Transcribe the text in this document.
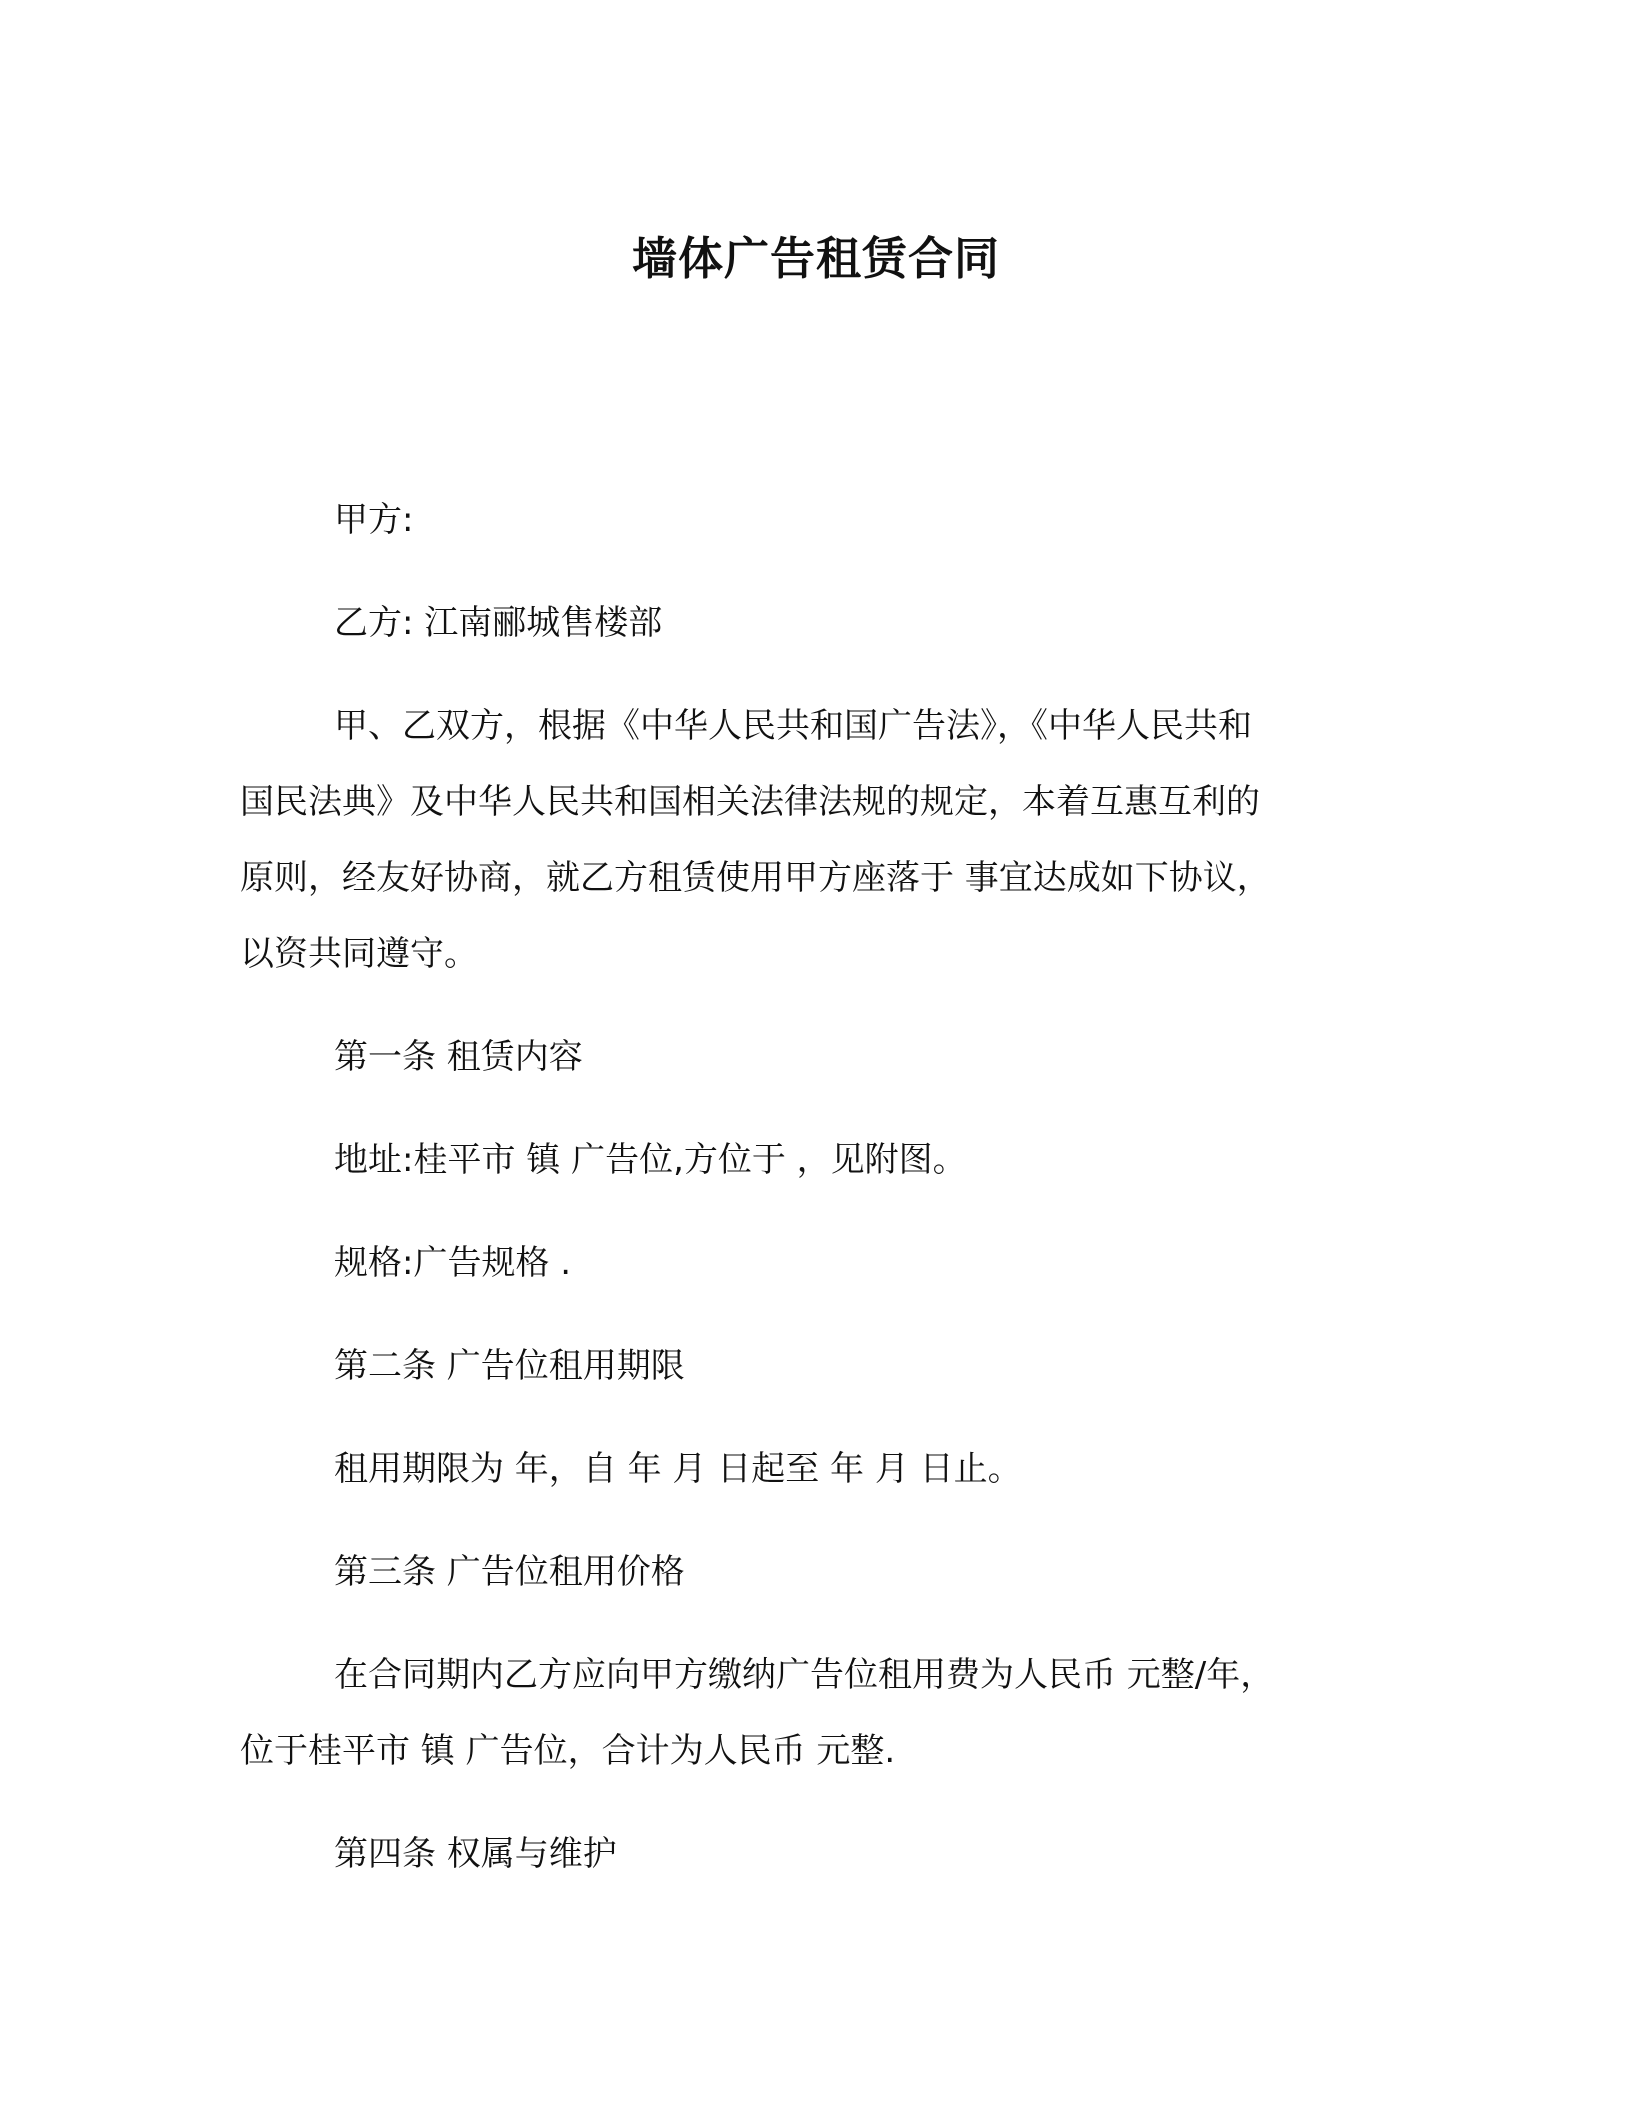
墙体广告租赁合同
甲方:
乙方: 江南郦城售楼部
甲、乙双方，根据《中华人民共和国广告法》，《中华人民共和
国民法典》及中华人民共和国相关法律法规的规定，本着互惠互利的
原则，经友好协商，就乙方租赁使用甲方座落于 事宜达成如下协议，
以资共同遵守。
第一条 租赁内容
地址:桂平市 镇 广告位,方位于 ，见附图。
规格:广告规格 .
第二条 广告位租用期限
租用期限为 年，自 年 月 日起至 年 月 日止。
第三条 广告位租用价格
在合同期内乙方应向甲方缴纳广告位租用费为人民币 元整/年，
位于桂平市 镇 广告位，合计为人民币 元整.
第四条 权属与维护
